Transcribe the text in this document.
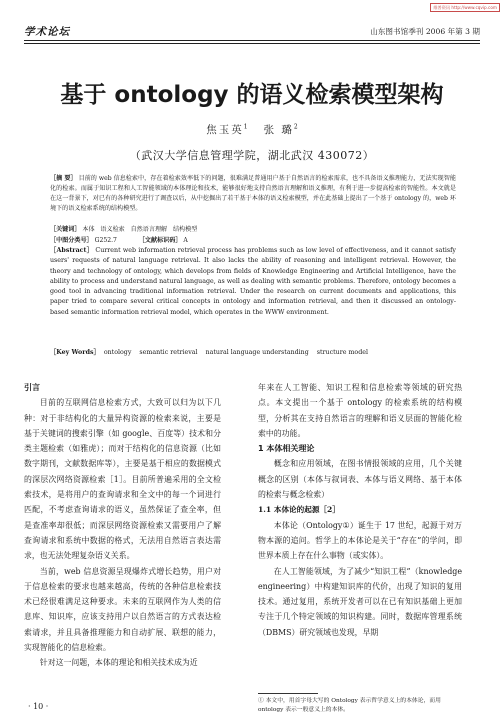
维普资讯 http://www.cqvip.com
学术论坛	山东图书馆季刊 2006 年第 3 期
基于 ontology 的语义检索模型架构
焦玉英$^1$ 张 璐$^2$
（武汉大学信息管理学院，湖北武汉 430072）
［摘 要］ 目前的 web 信息检索中，存在着检索效率低下的问题，很难满足普通用户基于自然语言的检索需求，也不具备语义推理能力，无法实现智能化的检索。而属于知识工程和人工智能领域的本体理论和技术，能够很好地支持自然语言理解和语义推理，有利于进一步提高检索的智能性。本文就是在这一背景下，对已有的各种研究进行了调查以后，从中挖掘出了若干基于本体的语义检索模型，并在此基础上提出了一个基于 ontology 的，web 环境下的语义检索系统的结构模型。
［关键词］ 本体 语义检索 自然语言理解 结构模型
［中图分类号］ G252.7	［文献标识码］ A
［Abstract］ Current web information retrieval process has problems such as low level of effectiveness, and it cannot satisfy users' requests of natural language retrieval. It also lacks the ability of reasoning and intelligent retrieval. However, the theory and technology of ontology, which develops from fields of Knowledge Engineering and Artificial Intelligence, have the ability to process and understand natural language, as well as dealing with semantic problems. Therefore, ontology becomes a good tool in advancing traditional information retrieval. Under the research on current documents and applications, this paper tried to compare several critical concepts in ontology and information retrieval, and then it discussed an ontology-based semantic information retrieval model, which operates in the WWW environment.
［Key Words］ ontology semantic retrieval natural language understanding structure model
引言

目前的互联网信息检索方式，大致可以归为以下几种：对于非结构化的大量异构资源的检索来说，主要是基于关键词的搜索引擎（如 google、百度等）技术和分类主题检索（如雅虎）；而对于结构化的信息资源（比如数字期刊，文献数据库等），主要是基于相应的数据模式的深层次网络资源检索［1］。目前所普遍采用的全文检索技术，是将用户的查询请求和全文中的每一个词进行匹配，不考虑查询请求的语义，虽然保证了查全率，但是查准率却很低；而深层网络资源检索又需要用户了解查询请求和系统中数据的格式，无法用自然语言表达需求，也无法处理复杂语义关系。

当前，web 信息资源呈现爆炸式增长趋势，用户对于信息检索的要求也越来越高，传统的各种信息检索技术已经很难满足这种要求。未来的互联网作为人类的信息库、知识库，应该支持用户以自然语言的方式表达检索请求，并且具备推理能力和自动扩展、联想的能力，实现智能化的信息检索。

针对这一问题，本体的理论和相关技术成为近

年来在人工智能、知识工程和信息检索等领域的研究热点。本文提出一个基于 ontology 的检索系统的结构模型，分析其在支持自然语言的理解和语义层面的智能化检索中的功能。

1 本体相关理论

概念和应用领域，在图书情报领域的应用，几个关键概念的区别（本体与叙词表、本体与语义网络、基于本体的检索与概念检索）

1.1 本体论的起源［2］

本体论（Ontology①）诞生于 17 世纪，起源于对万物本源的追问。哲学上的本体论是关于“存在”的学问，即世界本质上存在什么事物（或实体）。

在人工智能领域，为了减少“知识工程”（knowledge engineering）中构建知识库的代价，出现了知识的复用技术。通过复用，系统开发者可以在已有知识基础上更加专注于几个特定领域的知识构建。同时，数据库管理系统（DBMS）研究领域也发现，早期

① 本文中，用首字母大写的 Ontology 表示哲学意义上的本体论，而用 ontology 表示一般意义上的本体。
· 10 ·
